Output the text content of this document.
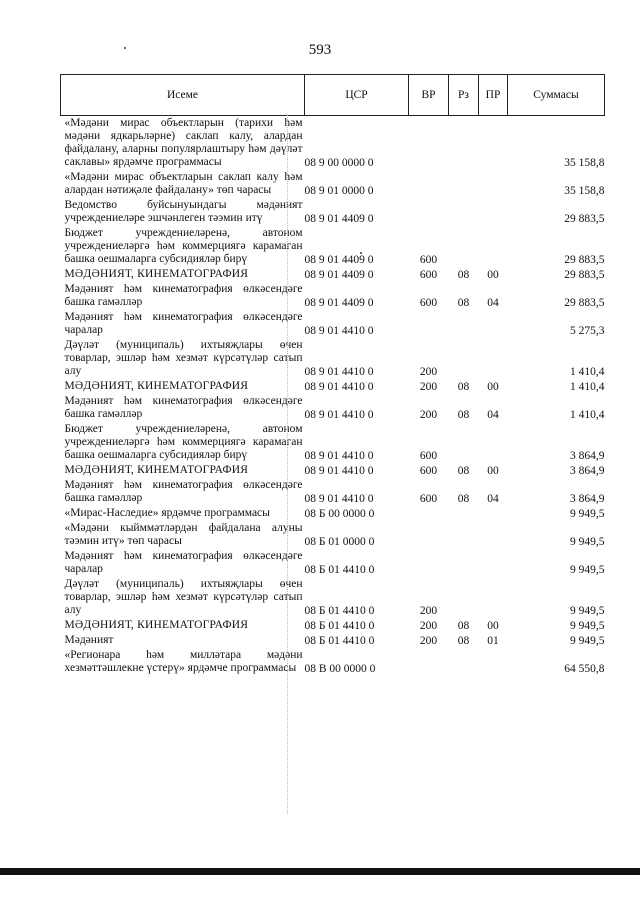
593
Исеме	ЦСР	ВР	Рз	ПР	Суммасы
«Мәдәни мирас объектларын (тарихи һәм мәдәни ядкарьләрне) саклап калу, алардан файдалану, аларны популярлаштыру һәм дәүләт саклавы» ярдәмче программасы	08 9 00 0000 0				35 158,8
«Мәдәни мирас объектларын саклап калу һәм алардан нәтиҗәле файдалану» төп чарасы	08 9 01 0000 0				35 158,8
Ведомство буйсынуындагы мәдәният учреждениеләре эшчәнлеген тәэмин итү	08 9 01 4409 0				29 883,5
Бюджет учреждениеләренә, автоном учреждениеләргә һәм коммерциягә карамаган башка оешмаларга субсидияләр бирү	08 9 01 4409 0	600			29 883,5
МӘДӘНИЯТ, КИНЕМАТОГРАФИЯ	08 9 01 4409 0	600	08	00	29 883,5
Мәдәният һәм кинематография өлкәсендәге башка гамәлләр	08 9 01 4409 0	600	08	04	29 883,5
Мәдәният һәм кинематография өлкәсендәге чаралар	08 9 01 4410 0				5 275,3
Дәүләт (муниципаль) ихтыяҗлары өчен товарлар, эшләр һәм хезмәт күрсәтүләр сатып алу	08 9 01 4410 0	200			1 410,4
МӘДӘНИЯТ, КИНЕМАТОГРАФИЯ	08 9 01 4410 0	200	08	00	1 410,4
Мәдәният һәм кинематография өлкәсендәге башка гамәлләр	08 9 01 4410 0	200	08	04	1 410,4
Бюджет учреждениеләренә, автоном учреждениеләргә һәм коммерциягә карамаган башка оешмаларга субсидияләр бирү	08 9 01 4410 0	600			3 864,9
МӘДӘНИЯТ, КИНЕМАТОГРАФИЯ	08 9 01 4410 0	600	08	00	3 864,9
Мәдәният һәм кинематография өлкәсендәге башка гамәлләр	08 9 01 4410 0	600	08	04	3 864,9
«Мирас-Наследие» ярдәмче программасы	08 Б 00 0000 0				9 949,5
«Мәдәни кыйммәтләрдән файдалана алуны тәэмин итү» төп чарасы	08 Б 01 0000 0				9 949,5
Мәдәният һәм кинематография өлкәсендәге чаралар	08 Б 01 4410 0				9 949,5
Дәүләт (муниципаль) ихтыяҗлары өчен товарлар, эшләр һәм хезмәт күрсәтүләр сатып алу	08 Б 01 4410 0	200			9 949,5
МӘДӘНИЯТ, КИНЕМАТОГРАФИЯ	08 Б 01 4410 0	200	08	00	9 949,5
Мәдәният	08 Б 01 4410 0	200	08	01	9 949,5
«Регионара һәм милләтара мәдәни хезмәттәшлекне үстерү» ярдәмче программасы	08 В 00 0000 0				64 550,8
